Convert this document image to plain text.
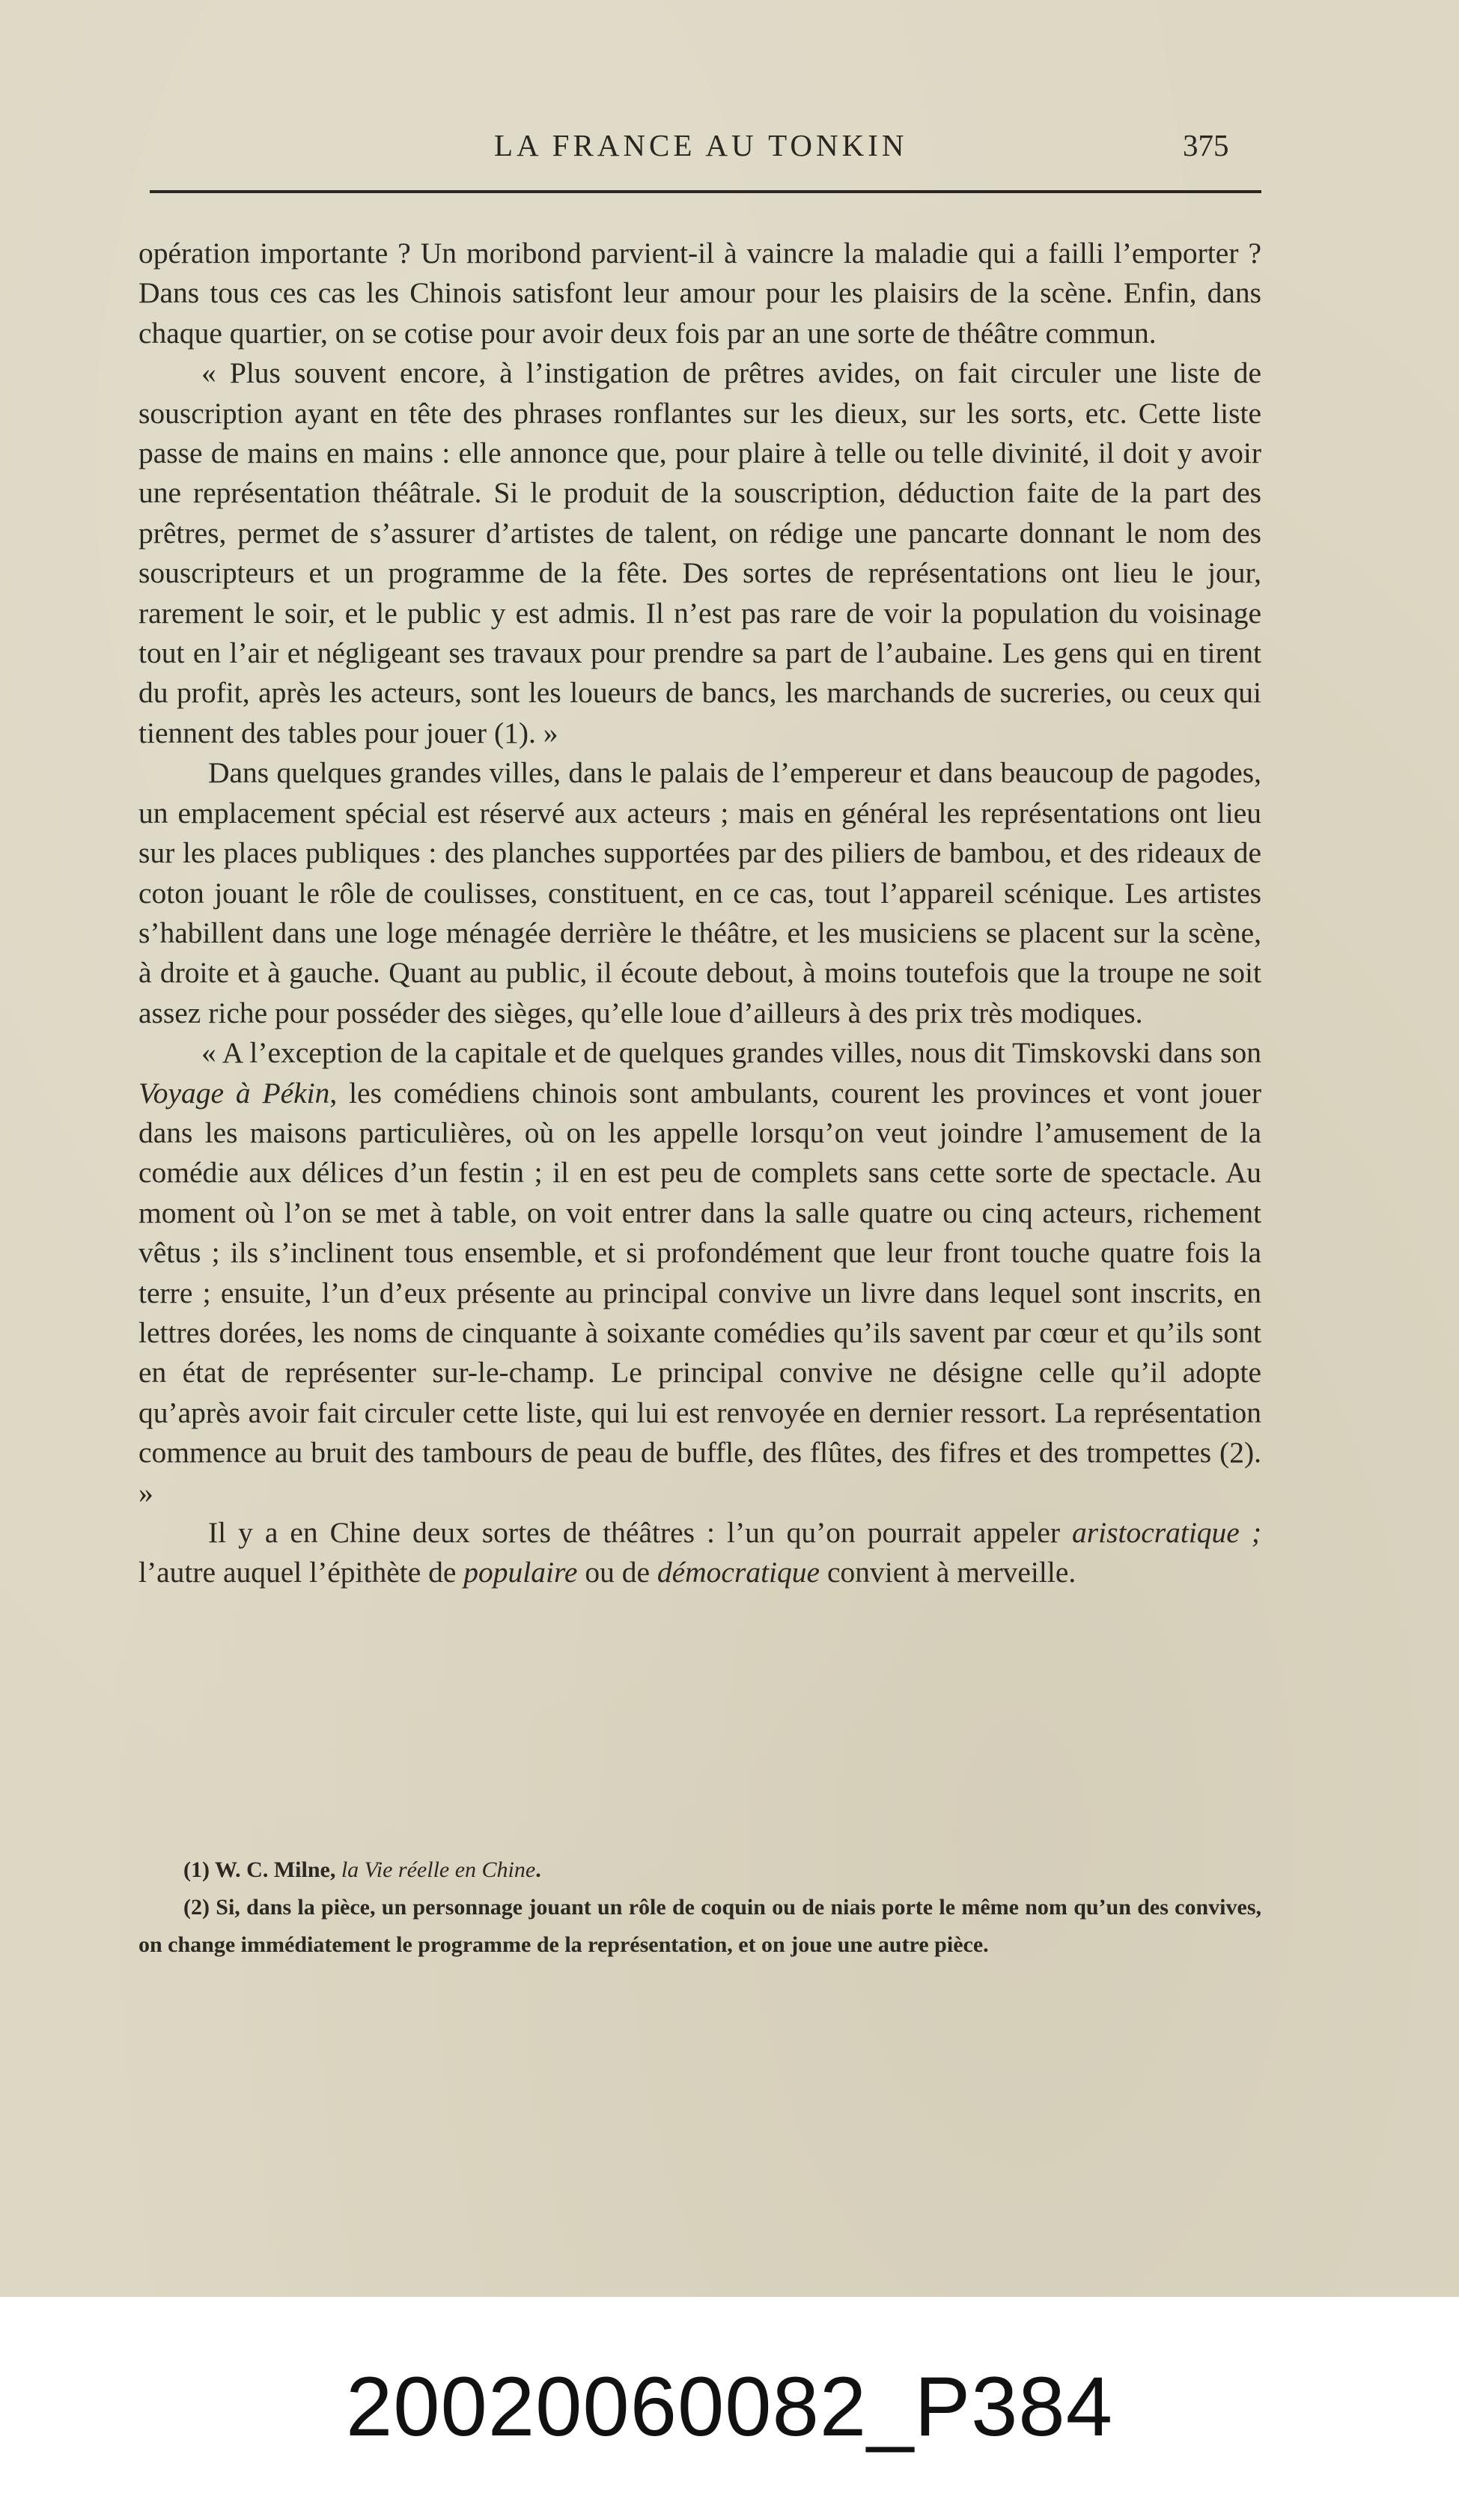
LA FRANCE AU TONKIN	375

opération importante ? Un moribond parvient-il à vaincre la maladie qui a failli l’emporter ? Dans tous ces cas les Chinois satisfont leur amour pour les plaisirs de la scène. Enfin, dans chaque quartier, on se cotise pour avoir deux fois par an une sorte de théâtre commun.

« Plus souvent encore, à l’instigation de prêtres avides, on fait circuler une liste de souscription ayant en tête des phrases ronflantes sur les dieux, sur les sorts, etc. Cette liste passe de mains en mains : elle annonce que, pour plaire à telle ou telle divinité, il doit y avoir une représentation théâtrale. Si le produit de la souscription, déduction faite de la part des prêtres, permet de s’assurer d’artistes de talent, on rédige une pancarte donnant le nom des souscripteurs et un programme de la fête. Des sortes de représentations ont lieu le jour, rarement le soir, et le public y est admis. Il n’est pas rare de voir la population du voisinage tout en l’air et négligeant ses travaux pour prendre sa part de l’aubaine. Les gens qui en tirent du profit, après les acteurs, sont les loueurs de bancs, les marchands de sucreries, ou ceux qui tiennent des tables pour jouer (1). »

Dans quelques grandes villes, dans le palais de l’empereur et dans beaucoup de pagodes, un emplacement spécial est réservé aux acteurs ; mais en général les représentations ont lieu sur les places publiques : des planches supportées par des piliers de bambou, et des rideaux de coton jouant le rôle de coulisses, constituent, en ce cas, tout l’appareil scénique. Les artistes s’habillent dans une loge ménagée derrière le théâtre, et les musiciens se placent sur la scène, à droite et à gauche. Quant au public, il écoute debout, à moins toutefois que la troupe ne soit assez riche pour posséder des sièges, qu’elle loue d’ailleurs à des prix très modiques.

« A l’exception de la capitale et de quelques grandes villes, nous dit Timskovski dans son Voyage à Pékin, les comédiens chinois sont ambulants, courent les provinces et vont jouer dans les maisons particulières, où on les appelle lorsqu’on veut joindre l’amusement de la comédie aux délices d’un festin ; il en est peu de complets sans cette sorte de spectacle. Au moment où l’on se met à table, on voit entrer dans la salle quatre ou cinq acteurs, richement vêtus ; ils s’inclinent tous ensemble, et si profondément que leur front touche quatre fois la terre ; ensuite, l’un d’eux présente au principal convive un livre dans lequel sont inscrits, en lettres dorées, les noms de cinquante à soixante comédies qu’ils savent par cœur et qu’ils sont en état de représenter sur-le-champ. Le principal convive ne désigne celle qu’il adopte qu’après avoir fait circuler cette liste, qui lui est renvoyée en dernier ressort. La représentation commence au bruit des tambours de peau de buffle, des flûtes, des fifres et des trompettes (2). »

Il y a en Chine deux sortes de théâtres : l’un qu’on pourrait appeler aristocratique ; l’autre auquel l’épithète de populaire ou de démocratique convient à merveille.

(1) W. C. Milne, la Vie réelle en Chine.

(2) Si, dans la pièce, un personnage jouant un rôle de coquin ou de niais porte le même nom qu’un des convives, on change immédiatement le programme de la représentation, et on joue une autre pièce.

20020060082_P384
